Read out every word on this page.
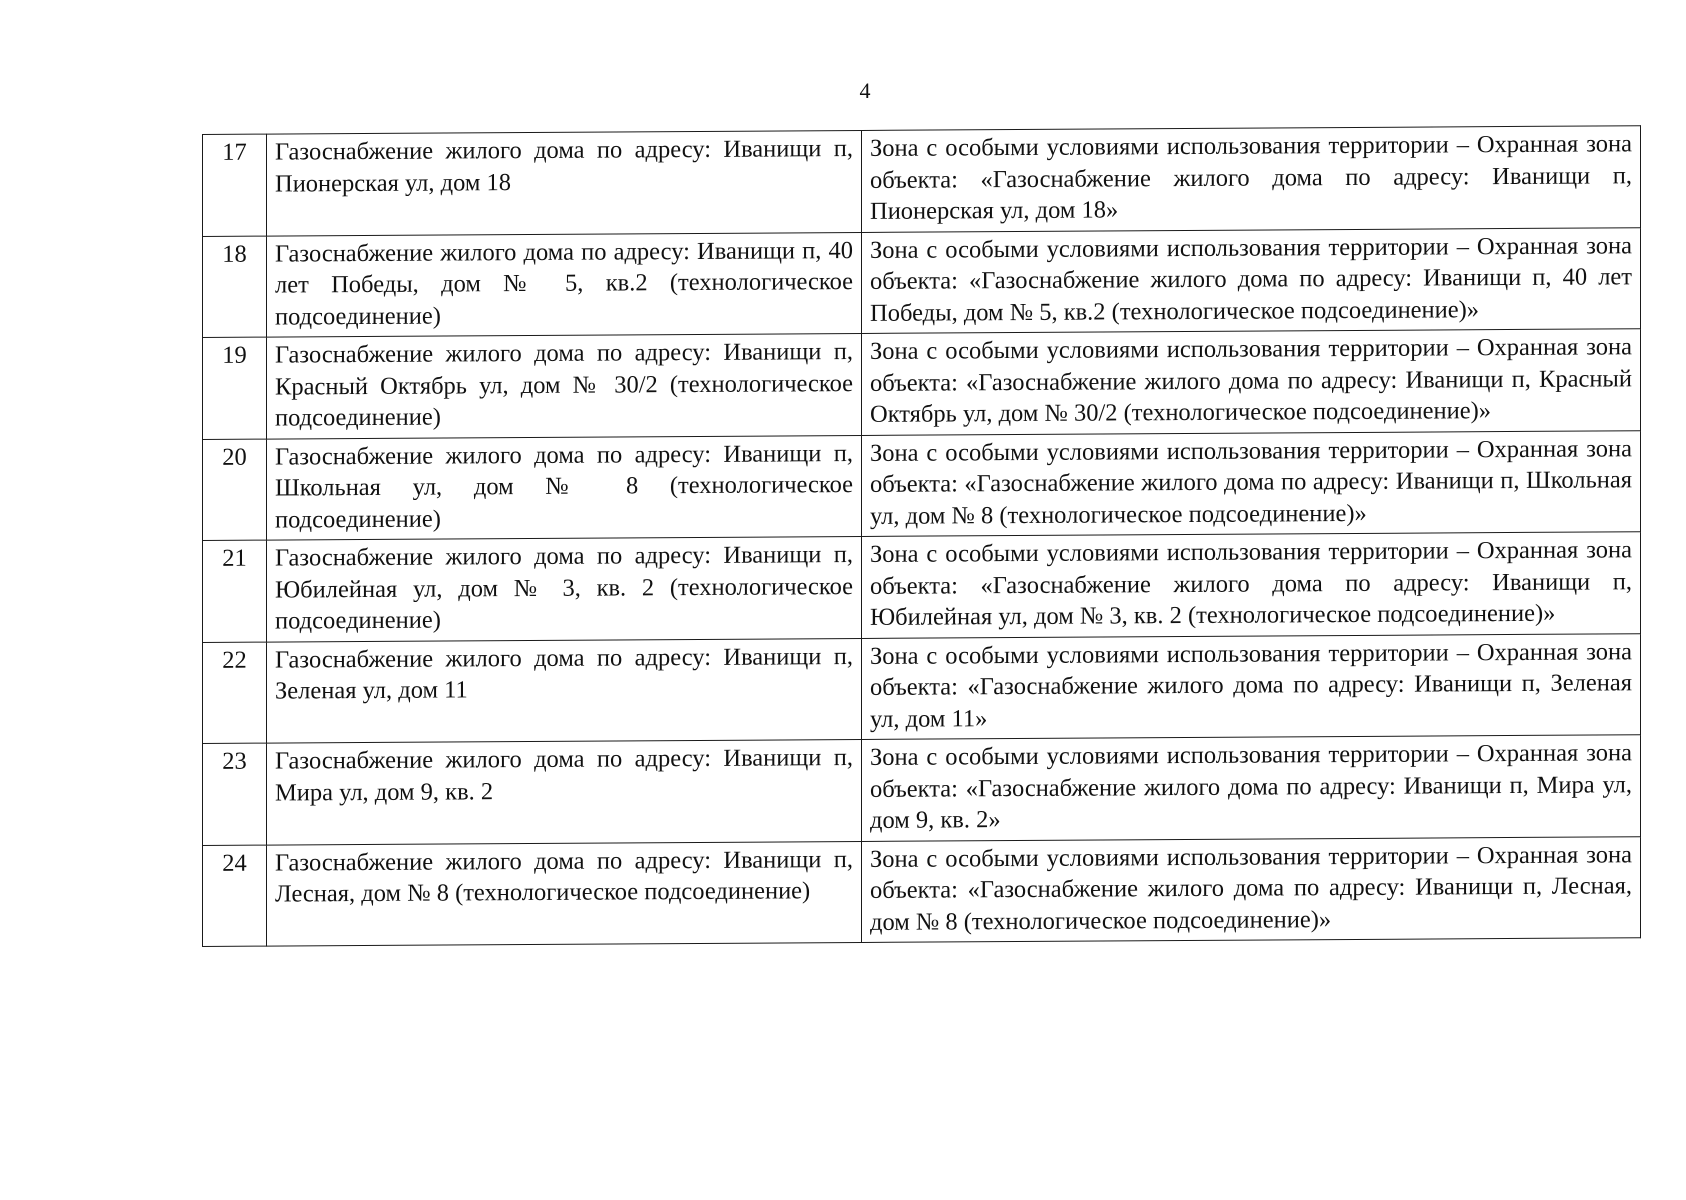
4
17	Газоснабжение жилого дома по адресу: Иванищи п, Пионерская ул, дом 18	Зона с особыми условиями использования территории – Охранная зона объекта: «Газоснабжение жилого дома по адресу: Иванищи п, Пионерская ул, дом 18»
18	Газоснабжение жилого дома по адресу: Иванищи п, 40 лет Победы, дом № 5, кв.2 (технологическое подсоединение)	Зона с особыми условиями использования территории – Охранная зона объекта: «Газоснабжение жилого дома по адресу: Иванищи п, 40 лет Победы, дом № 5, кв.2 (технологическое подсоединение)»
19	Газоснабжение жилого дома по адресу: Иванищи п, Красный Октябрь ул, дом № 30/2 (технологическое подсоединение)	Зона с особыми условиями использования территории – Охранная зона объекта: «Газоснабжение жилого дома по адресу: Иванищи п, Красный Октябрь ул, дом № 30/2 (технологическое подсоединение)»
20	Газоснабжение жилого дома по адресу: Иванищи п, Школьная ул, дом № 8 (технологическое подсоединение)	Зона с особыми условиями использования территории – Охранная зона объекта: «Газоснабжение жилого дома по адресу: Иванищи п, Школьная ул, дом № 8 (технологическое подсоединение)»
21	Газоснабжение жилого дома по адресу: Иванищи п, Юбилейная ул, дом № 3, кв. 2 (технологическое подсоединение)	Зона с особыми условиями использования территории – Охранная зона объекта: «Газоснабжение жилого дома по адресу: Иванищи п, Юбилейная ул, дом № 3, кв. 2 (технологическое подсоединение)»
22	Газоснабжение жилого дома по адресу: Иванищи п, Зеленая ул, дом 11	Зона с особыми условиями использования территории – Охранная зона объекта: «Газоснабжение жилого дома по адресу: Иванищи п, Зеленая ул, дом 11»
23	Газоснабжение жилого дома по адресу: Иванищи п, Мира ул, дом 9, кв. 2	Зона с особыми условиями использования территории – Охранная зона объекта: «Газоснабжение жилого дома по адресу: Иванищи п, Мира ул, дом 9, кв. 2»
24	Газоснабжение жилого дома по адресу: Иванищи п, Лесная, дом № 8 (технологическое подсоединение)	Зона с особыми условиями использования территории – Охранная зона объекта: «Газоснабжение жилого дома по адресу: Иванищи п, Лесная, дом № 8 (технологическое подсоединение)»
